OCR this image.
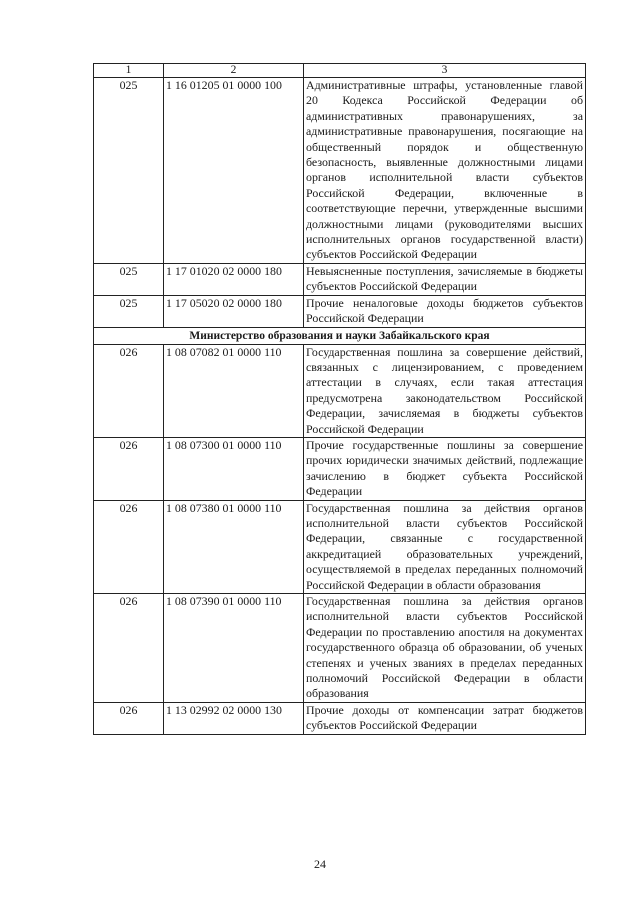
1	2	3
025	1 16 01205 01 0000 100	Административные штрафы, установленные главой 20 Кодекса Российской Федерации об административных правонарушениях, за административные правонарушения, посягающие на общественный порядок и общественную безопасность, выявленные должностными лицами органов исполнительной власти субъектов Российской Федерации, включенные в соответствующие перечни, утвержденные высшими должностными лицами (руководителями высших исполнительных органов государственной власти) субъектов Российской Федерации
025	1 17 01020 02 0000 180	Невыясненные поступления, зачисляемые в бюджеты субъектов Российской Федерации
025	1 17 05020 02 0000 180	Прочие неналоговые доходы бюджетов субъектов Российской Федерации
Министерство образования и науки Забайкальского края		
026	1 08 07082 01 0000 110	Государственная пошлина за совершение действий, связанных с лицензированием, с проведением аттестации в случаях, если такая аттестация предусмотрена законодательством Российской Федерации, зачисляемая в бюджеты субъектов Российской Федерации
026	1 08 07300 01 0000 110	Прочие государственные пошлины за совершение прочих юридически значимых действий, подлежащие зачислению в бюджет субъекта Российской Федерации
026	1 08 07380 01 0000 110	Государственная пошлина за действия органов исполнительной власти субъектов Российской Федерации, связанные с государственной аккредитацией образовательных учреждений, осуществляемой в пределах переданных полномочий Российской Федерации в области образования
026	1 08 07390 01 0000 110	Государственная пошлина за действия органов исполнительной власти субъектов Российской Федерации по проставлению апостиля на документах государственного образца об образовании, об ученых степенях и ученых званиях в пределах переданных полномочий Российской Федерации в области образования
026	1 13 02992 02 0000 130	Прочие доходы от компенсации затрат бюджетов субъектов Российской Федерации
24
